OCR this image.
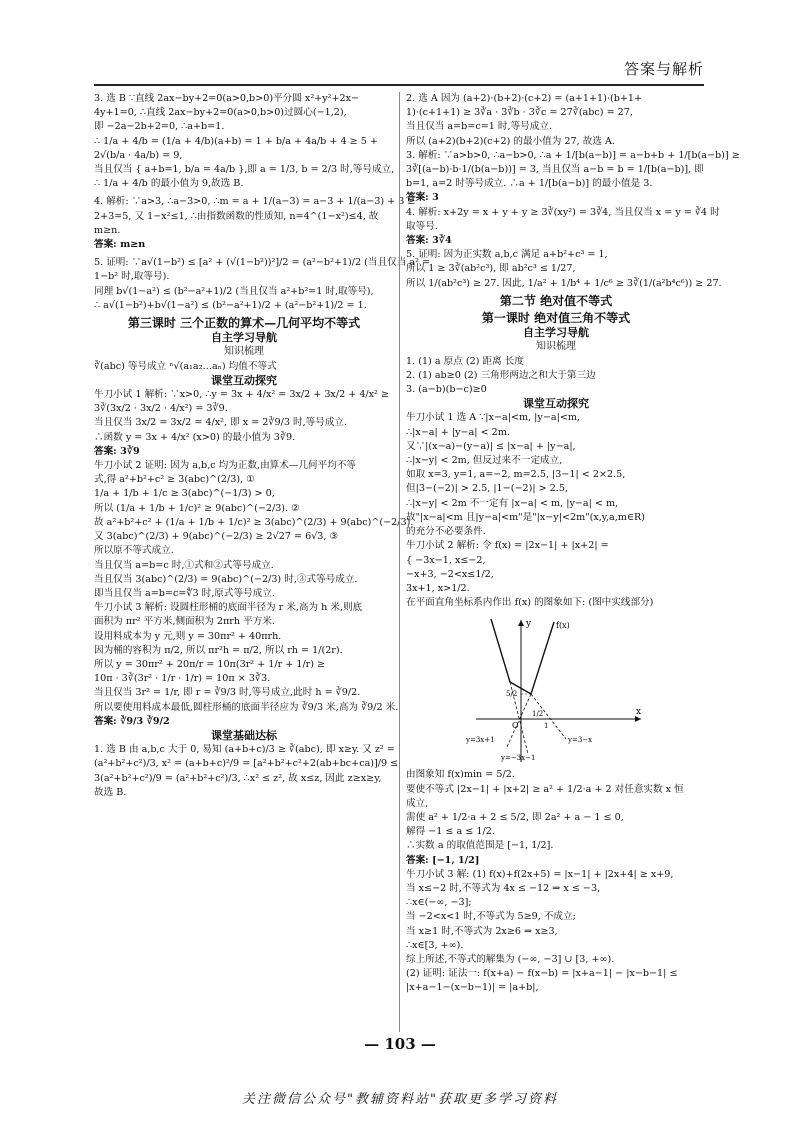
答案与解析
3. 选 B ∵直线 2ax−by+2=0(a>0,b>0)平分圆 x²+y²+2x−
4y+1=0, ∴直线 2ax−by+2=0(a>0,b>0)过圆心(−1,2),
即 −2a−2b+2=0, ∴a+b=1.
∴ 1/a + 4/b = (1/a + 4/b)(a+b) = 1 + b/a + 4a/b + 4 ≥ 5 +
2√(b/a · 4a/b) = 9,
当且仅当 { a+b=1, b/a = 4a/b },即 a = 1/3, b = 2/3 时,等号成立,
∴ 1/a + 4/b 的最小值为 9,故选 B.
4. 解析: ∵a>3, ∴a−3>0, ∴m = a + 1/(a−3) = a−3 + 1/(a−3) + 3 ≥
2+3=5, 又 1−x²≤1, ∴由指数函数的性质知, n=4^(1−x²)≤4, 故
m≥n.
答案: m≥n
5. 证明: ∵a√(1−b²) ≤ [a² + (√(1−b²))²]/2 = (a²−b²+1)/2 (当且仅当 a² =
1−b² 时,取等号).
同理 b√(1−a²) ≤ (b²−a²+1)/2 (当且仅当 a²+b²=1 时,取等号),
∴ a√(1−b²)+b√(1−a²) ≤ (b²−a²+1)/2 + (a²−b²+1)/2 = 1.
第三课时 三个正数的算术—几何平均不等式
自主学习导航
知识梳理
∛(abc) 等号成立 ⁿ√(a₁a₂…aₙ) 均值不等式
课堂互动探究
牛刀小试 1 解析: ∵x>0, ∴y = 3x + 4/x² = 3x/2 + 3x/2 + 4/x² ≥
3∛(3x/2 · 3x/2 · 4/x²) = 3∛9.
当且仅当 3x/2 = 3x/2 = 4/x², 即 x = 2∛9/3 时,等号成立.
∴函数 y = 3x + 4/x² (x>0) 的最小值为 3∛9.
答案: 3∛9
牛刀小试 2 证明: 因为 a,b,c 均为正数,由算术—几何平均不等
式,得 a²+b²+c² ≥ 3(abc)^(2/3), ①
1/a + 1/b + 1/c ≥ 3(abc)^(−1/3) > 0,
所以 (1/a + 1/b + 1/c)² ≥ 9(abc)^(−2/3). ②
故 a²+b²+c² + (1/a + 1/b + 1/c)² ≥ 3(abc)^(2/3) + 9(abc)^(−2/3).
又 3(abc)^(2/3) + 9(abc)^(−2/3) ≥ 2√27 = 6√3, ③
所以原不等式成立.
当且仅当 a=b=c 时,①式和②式等号成立.
当且仅当 3(abc)^(2/3) = 9(abc)^(−2/3) 时,③式等号成立.
即当且仅当 a=b=c=∜3 时,原式等号成立.
牛刀小试 3 解析: 设圆柱形桶的底面半径为 r 米,高为 h 米,则底
面积为 πr² 平方米,侧面积为 2πrh 平方米.
设用料成本为 y 元,则 y = 30πr² + 40πrh.
因为桶的容积为 π/2, 所以 πr²h = π/2, 所以 rh = 1/(2r).
所以 y = 30πr² + 20π/r = 10π(3r² + 1/r + 1/r) ≥
10π · 3∛(3r² · 1/r · 1/r) = 10π × 3∛3.
当且仅当 3r² = 1/r, 即 r = ∛9/3 时,等号成立,此时 h = ∛9/2.
所以要使用料成本最低,圆柱形桶的底面半径应为 ∛9/3 米,高为 ∛9/2 米.
答案: ∛9/3 ∛9/2
课堂基础达标
1. 选 B 由 a,b,c 大于 0, 易知 (a+b+c)/3 ≥ ∛(abc), 即 x≥y. 又 z² =
(a²+b²+c²)/3, x² = (a+b+c)²/9 = [a²+b²+c²+2(ab+bc+ca)]/9 ≤
3(a²+b²+c²)/9 = (a²+b²+c²)/3, ∴x² ≤ z², 故 x≤z, 因此 z≥x≥y,
故选 B.
2. 选 A 因为 (a+2)·(b+2)·(c+2) = (a+1+1)·(b+1+
1)·(c+1+1) ≥ 3∛a · 3∛b · 3∛c = 27∛(abc) = 27,
当且仅当 a=b=c=1 时,等号成立.
所以 (a+2)(b+2)(c+2) 的最小值为 27, 故选 A.
3. 解析: ∵a>b>0, ∴a−b>0, ∴a + 1/[b(a−b)] = a−b+b + 1/[b(a−b)] ≥
3∛[(a−b)·b·1/(b(a−b))] = 3, 当且仅当 a−b = b = 1/[b(a−b)], 即
b=1, a=2 时等号成立. ∴a + 1/[b(a−b)] 的最小值是 3.
答案: 3
4. 解析: x+2y = x + y + y ≥ 3∛(xy²) = 3∛4, 当且仅当 x = y = ∛4 时
取等号.
答案: 3∛4
5. 证明: 因为正实数 a,b,c 满足 a+b²+c³ = 1,
所以 1 ≥ 3∛(ab²c³), 即 ab²c³ ≤ 1/27,
所以 1/(ab²c³) ≥ 27. 因此, 1/a² + 1/b⁴ + 1/c⁶ ≥ 3∛(1/(a²b⁴c⁶)) ≥ 27.
第二节 绝对值不等式
第一课时 绝对值三角不等式
自主学习导航
知识梳理
1. (1) a 原点 (2) 距离 长度
2. (1) ab≥0 (2) 三角形两边之和大于第三边
3. (a−b)(b−c)≥0
课堂互动探究
牛刀小试 1 选 A ∵|x−a|<m, |y−a|<m,
∴|x−a| + |y−a| < 2m.
又∵|(x−a)−(y−a)| ≤ |x−a| + |y−a|,
∴|x−y| < 2m, 但反过来不一定成立,
如取 x=3, y=1, a=−2, m=2.5, |3−1| < 2×2.5,
但|3−(−2)| > 2.5, |1−(−2)| > 2.5,
∴|x−y| < 2m 不一定有 |x−a| < m, |y−a| < m,
故"|x−a|<m 且|y−a|<m"是"|x−y|<2m"(x,y,a,m∈R)
的充分不必要条件.
牛刀小试 2 解析: 令 f(x) = |2x−1| + |x+2| =
{ −3x−1, x≤−2,
−x+3, −2<x≤1/2,
3x+1, x>1/2.
在平面直角坐标系内作出 f(x) 的图象如下: (图中实线部分)
y
x
f(x)
O
1/2
1
5/2
y=3x+1
y=−3x−1
y=3−x
由图象知 f(x)min = 5/2.
要使不等式 |2x−1| + |x+2| ≥ a² + 1/2·a + 2 对任意实数 x 恒
成立,
需使 a² + 1/2·a + 2 ≤ 5/2, 即 2a² + a − 1 ≤ 0,
解得 −1 ≤ a ≤ 1/2.
∴实数 a 的取值范围是 [−1, 1/2].
答案: [−1, 1/2]
牛刀小试 3 解: (1) f(x)+f(2x+5) = |x−1| + |2x+4| ≥ x+9,
当 x≤−2 时,不等式为 4x ≤ −12 ⇒ x ≤ −3,
∴x∈(−∞, −3];
当 −2<x<1 时,不等式为 5≥9, 不成立;
当 x≥1 时,不等式为 2x≥6 ⇒ x≥3,
∴x∈[3, +∞).
综上所述,不等式的解集为 (−∞, −3] ∪ [3, +∞).
(2) 证明: 证法一: f(x+a) − f(x−b) = |x+a−1| − |x−b−1| ≤
|x+a−1−(x−b−1)| = |a+b|,
— 103 —
关注微信公众号"教辅资料站"获取更多学习资料
